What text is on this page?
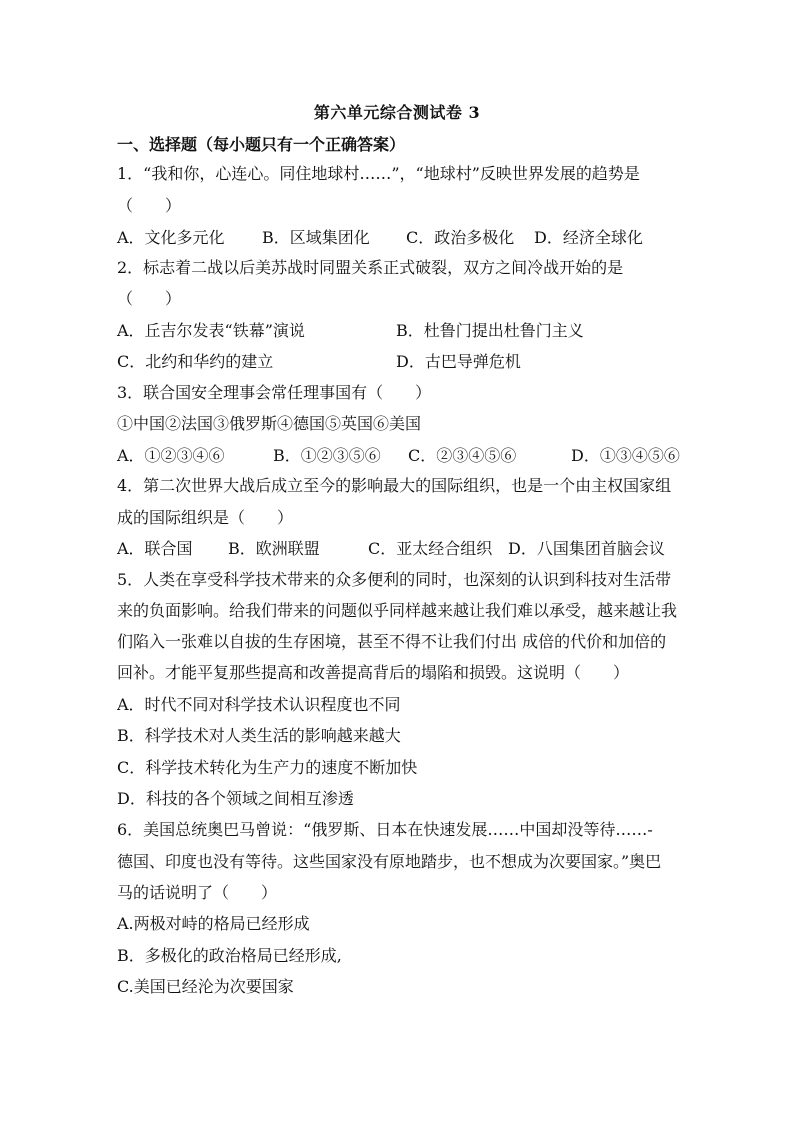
第六单元综合测试卷 3
一、选择题（每小题只有一个正确答案）
1．“我和你，心连心。同住地球村……”，“地球村”反映世界发展的趋势是
（　　）
A．文化多元化 B．区域集团化 C．政治多极化 D．经济全球化
2．标志着二战以后美苏战时同盟关系正式破裂，双方之间冷战开始的是
（　　）
A．丘吉尔发表“铁幕”演说	B．杜鲁门提出杜鲁门主义
C．北约和华约的建立	D．古巴导弹危机
3．联合国安全理事会常任理事国有（　　）
①中国②法国③俄罗斯④德国⑤英国⑥美国
A．①②③④⑥	B．①②③⑤⑥ C．②③④⑤⑥	D．①③④⑤⑥
4．第二次世界大战后成立至今的影响最大的国际组织，也是一个由主权国家组
成的国际组织是（　　）
A．联合国 B．欧洲联盟	C．亚太经合组织 D．八国集团首脑会议
5．人类在享受科学技术带来的众多便利的同时，也深刻的认识到科技对生活带
来的负面影响。给我们带来的问题似乎同样越来越让我们难以承受，越来越让我
们陷入一张难以自拔的生存困境，甚至不得不让我们付出 成倍的代价和加倍的
回补。才能平复那些提高和改善提高背后的塌陷和损毁。这说明（　　）
A．时代不同对科学技术认识程度也不同
B．科学技术对人类生活的影响越来越大
C．科学技术转化为生产力的速度不断加快
D．科技的各个领域之间相互渗透
6．美国总统奥巴马曾说：“俄罗斯、日本在快速发展……中国却没等待……-
德国、印度也没有等待。这些国家没有原地踏步，也不想成为次要国家。”奥巴
马的话说明了（　　）
A.两极对峙的格局已经形成
B．多极化的政治格局已经形成,
C.美国已经沦为次要国家
